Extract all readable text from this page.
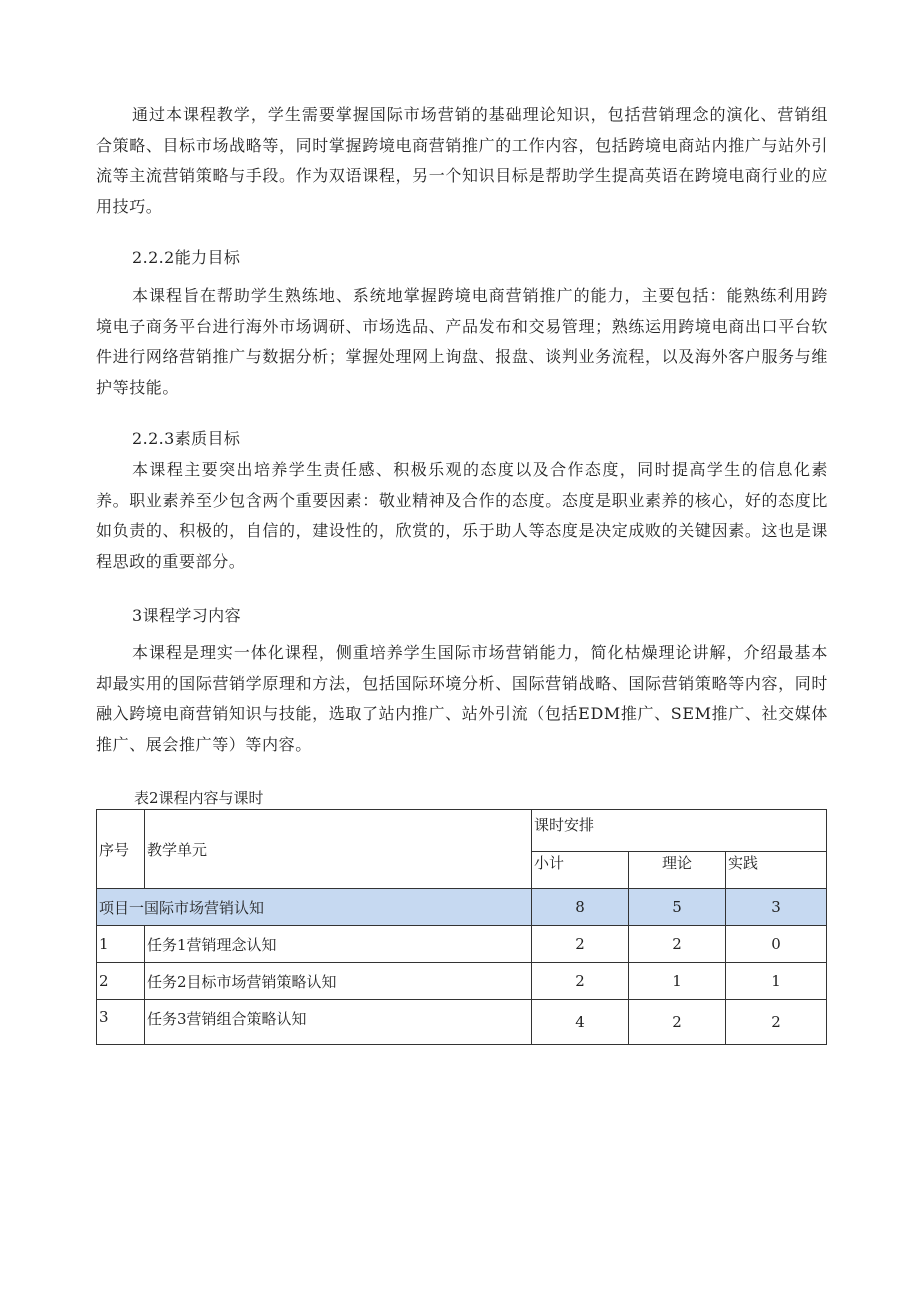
通过本课程教学，学生需要掌握国际市场营销的基础理论知识，包括营销理念的演化、营销组合策略、目标市场战略等，同时掌握跨境电商营销推广的工作内容，包括跨境电商站内推广与站外引流等主流营销策略与手段。作为双语课程，另一个知识目标是帮助学生提高英语在跨境电商行业的应用技巧。

2.2.2能力目标

本课程旨在帮助学生熟练地、系统地掌握跨境电商营销推广的能力，主要包括：能熟练利用跨境电子商务平台进行海外市场调研、市场选品、产品发布和交易管理；熟练运用跨境电商出口平台软件进行网络营销推广与数据分析；掌握处理网上询盘、报盘、谈判业务流程，以及海外客户服务与维护等技能。

2.2.3素质目标

本课程主要突出培养学生责任感、积极乐观的态度以及合作态度，同时提高学生的信息化素养。职业素养至少包含两个重要因素：敬业精神及合作的态度。态度是职业素养的核心，好的态度比如负责的、积极的，自信的，建设性的，欣赏的，乐于助人等态度是决定成败的关键因素。这也是课程思政的重要部分。

3课程学习内容

本课程是理实一体化课程，侧重培养学生国际市场营销能力，简化枯燥理论讲解，介绍最基本却最实用的国际营销学原理和方法，包括国际环境分析、国际营销战略、国际营销策略等内容，同时融入跨境电商营销知识与技能，选取了站内推广、站外引流（包括EDM推广、SEM推广、社交媒体推广、展会推广等）等内容。

表2课程内容与课时
序号	教学单元	课时安排		
		小计	理论	实践
项目一国际市场营销认知		8	5	3
1	任务1营销理念认知	2	2	0
2	任务2目标市场营销策略认知	2	1	1
3	任务3营销组合策略认知	4	2	2
